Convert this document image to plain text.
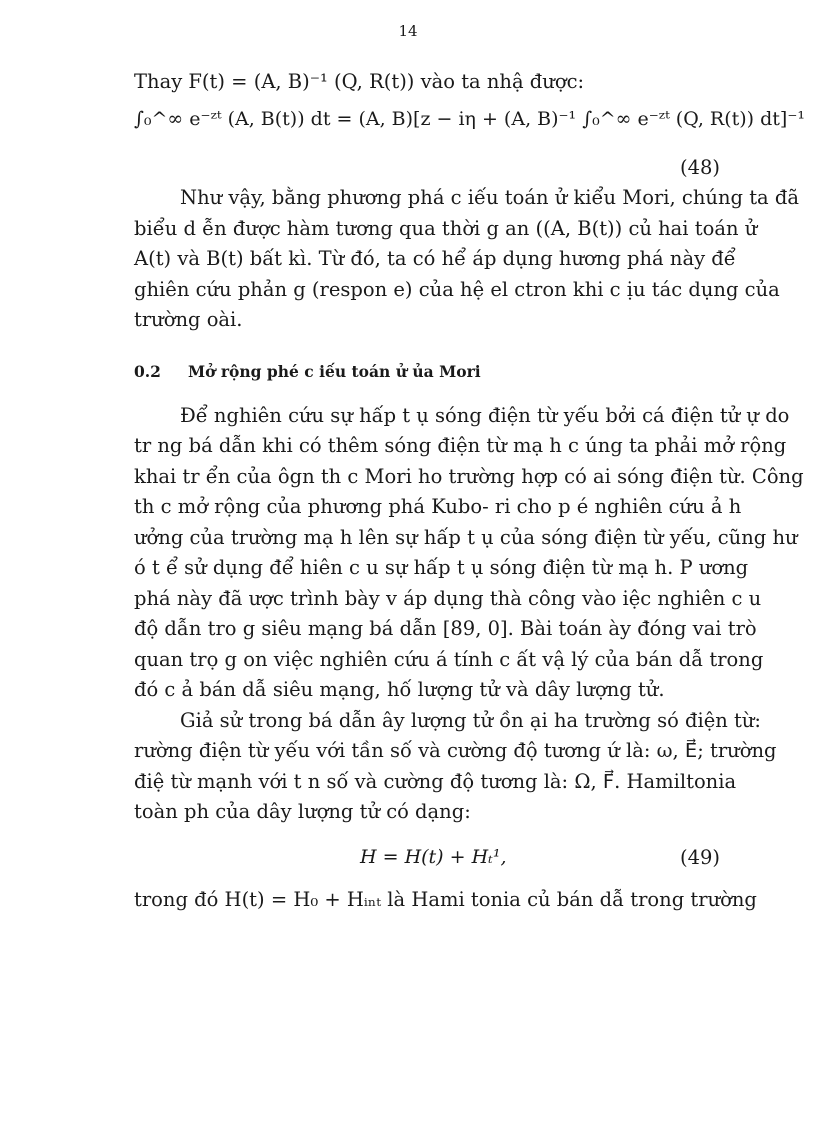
14
Thay F(t) = (A, B)⁻¹ (Q, R(t)) vào ta nhậ được:
∫₀^∞ e⁻ᶻᵗ (A, B(t)) dt = (A, B)[z − iη + (A, B)⁻¹ ∫₀^∞ e⁻ᶻᵗ (Q, R(t)) dt]⁻¹
(48)
Như vậy, bằng phương phá c iếu toán ử kiểu Mori, chúng ta đã
biểu d ễn được hàm tương qua thời g an ((A, B(t)) củ hai toán ử
A(t) và B(t) bất kì. Từ đó, ta có hể áp dụng hương phá này để
ghiên cứu phản g (respon e) của hệ el ctron khi c ịu tác dụng của
trường oài.
0.2 Mở rộng phé c iếu toán ử ủa Mori
Để nghiên cứu sự hấp t ụ sóng điện từ yếu bởi cá điện tử ự do
tr ng bá dẫn khi có thêm sóng điện từ mạ h c úng ta phải mở rộng
khai tr ển của ôgn th c Mori ho trường hợp có ai sóng điện từ. Công
th c mở rộng của phương phá Kubo- ri cho p é nghiên cứu ả h
ưởng của trường mạ h lên sự hấp t ụ của sóng điện từ yếu, cũng hư
ó t ể sử dụng để hiên c u sự hấp t ụ sóng điện từ mạ h. P ương
phá này đã ược trình bày v áp dụng thà công vào iệc nghiên c u
độ dẫn tro g siêu mạng bá dẫn [89, 0]. Bài toán ày đóng vai trò
quan trọ g on việc nghiên cứu á tính c ất vậ lý của bán dẫ trong
đó c ả bán dẫ siêu mạng, hố lượng tử và dây lượng tử.
Giả sử trong bá dẫn ây lượng tử ồn ại ha trường só điện từ:
rường điện từ yếu với tần số và cường độ tương ứ là: ω, E⃗; trường
điệ từ mạnh với t n số và cường độ tương là: Ω, F⃗. Hamiltonia
toàn ph của dây lượng tử có dạng:
H = H(t) + Hₜ¹,	(49)
trong đó H(t) = H₀ + Hᵢₙₜ là Hami tonia củ bán dẫ trong trường
